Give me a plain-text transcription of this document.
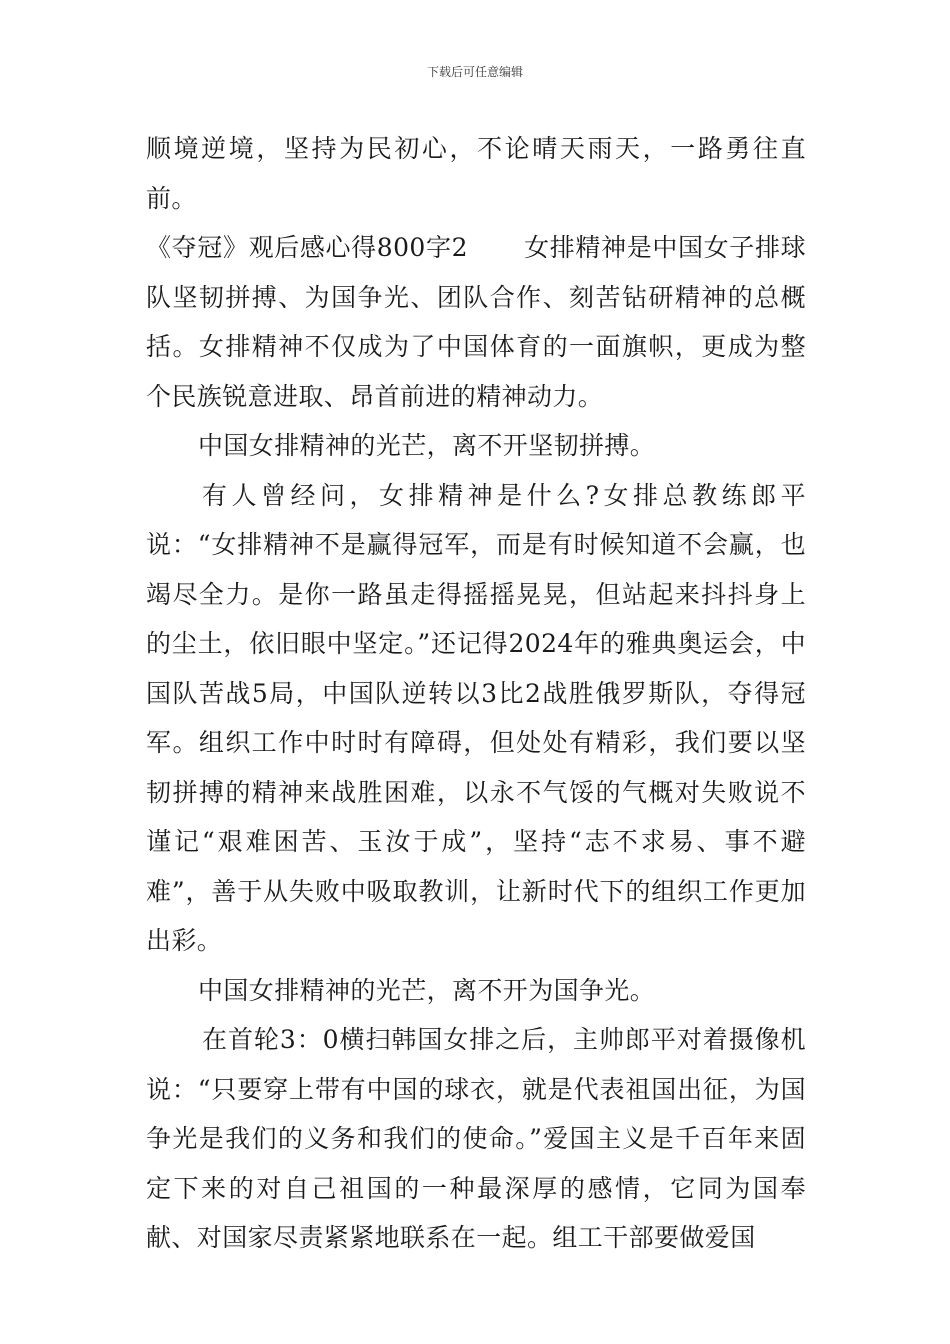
下载后可任意编辑

顺境逆境，坚持为民初心，不论晴天雨天，一路勇往直前。

《夺冠》观后感心得800字2 女排精神是中国女子排球队坚韧拼搏、为国争光、团队合作、刻苦钻研精神的总概括。女排精神不仅成为了中国体育的一面旗帜，更成为整个民族锐意进取、昂首前进的精神动力。

中国女排精神的光芒，离不开坚韧拼搏。

有人曾经问，女排精神是什么?女排总教练郎平说：“女排精神不是赢得冠军，而是有时候知道不会赢，也竭尽全力。是你一路虽走得摇摇晃晃，但站起来抖抖身上的尘土，依旧眼中坚定。”还记得2024年的雅典奥运会，中国队苦战5局，中国队逆转以3比2战胜俄罗斯队，夺得冠军。组织工作中时时有障碍，但处处有精彩，我们要以坚韧拼搏的精神来战胜困难，以永不气馁的气概对失败说不谨记“艰难困苦、玉汝于成”，坚持“志不求易、事不避难”，善于从失败中吸取教训，让新时代下的组织工作更加出彩。

中国女排精神的光芒，离不开为国争光。

在首轮3：0横扫韩国女排之后，主帅郎平对着摄像机说：“只要穿上带有中国的球衣，就是代表祖国出征，为国争光是我们的义务和我们的使命。”爱国主义是千百年来固定下来的对自己祖国的一种最深厚的感情，它同为国奉献、对国家尽责紧紧地联系在一起。组工干部要做爱国
